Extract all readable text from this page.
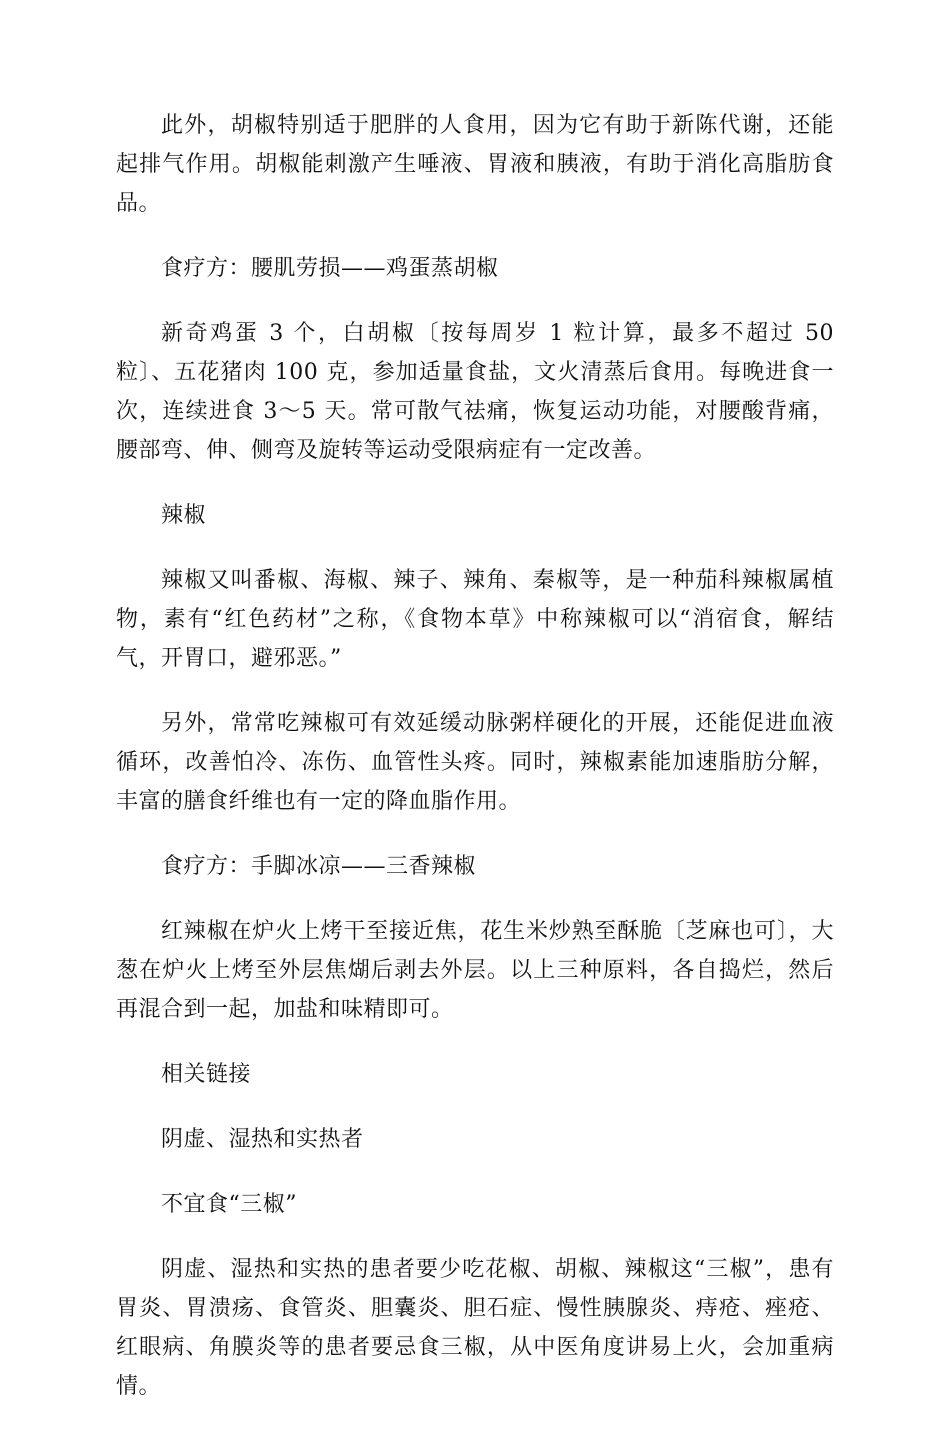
此外，胡椒特别适于肥胖的人食用，因为它有助于新陈代谢，还能起排气作用。胡椒能刺激产生唾液、胃液和胰液，有助于消化高脂肪食品。

食疗方：腰肌劳损——鸡蛋蒸胡椒

新奇鸡蛋 3 个，白胡椒〔按每周岁 1 粒计算，最多不超过 50 粒〕、五花猪肉 100 克，参加适量食盐，文火清蒸后食用。每晚进食一次，连续进食 3〜5 天。常可散气祛痛，恢复运动功能，对腰酸背痛，腰部弯、伸、侧弯及旋转等运动受限病症有一定改善。

辣椒

辣椒又叫番椒、海椒、辣子、辣角、秦椒等，是一种茄科辣椒属植物，素有“红色药材”之称，《食物本草》中称辣椒可以“消宿食，解结气，开胃口，避邪恶。”

另外，常常吃辣椒可有效延缓动脉粥样硬化的开展，还能促进血液循环，改善怕冷、冻伤、血管性头疼。同时，辣椒素能加速脂肪分解，丰富的膳食纤维也有一定的降血脂作用。

食疗方：手脚冰凉——三香辣椒

红辣椒在炉火上烤干至接近焦，花生米炒熟至酥脆〔芝麻也可〕，大葱在炉火上烤至外层焦煳后剥去外层。以上三种原料，各自捣烂，然后再混合到一起，加盐和味精即可。

相关链接

阴虚、湿热和实热者

不宜食“三椒”

阴虚、湿热和实热的患者要少吃花椒、胡椒、辣椒这“三椒”，患有胃炎、胃溃疡、食管炎、胆囊炎、胆石症、慢性胰腺炎、痔疮、痤疮、红眼病、角膜炎等的患者要忌食三椒，从中医角度讲易上火，会加重病情。
